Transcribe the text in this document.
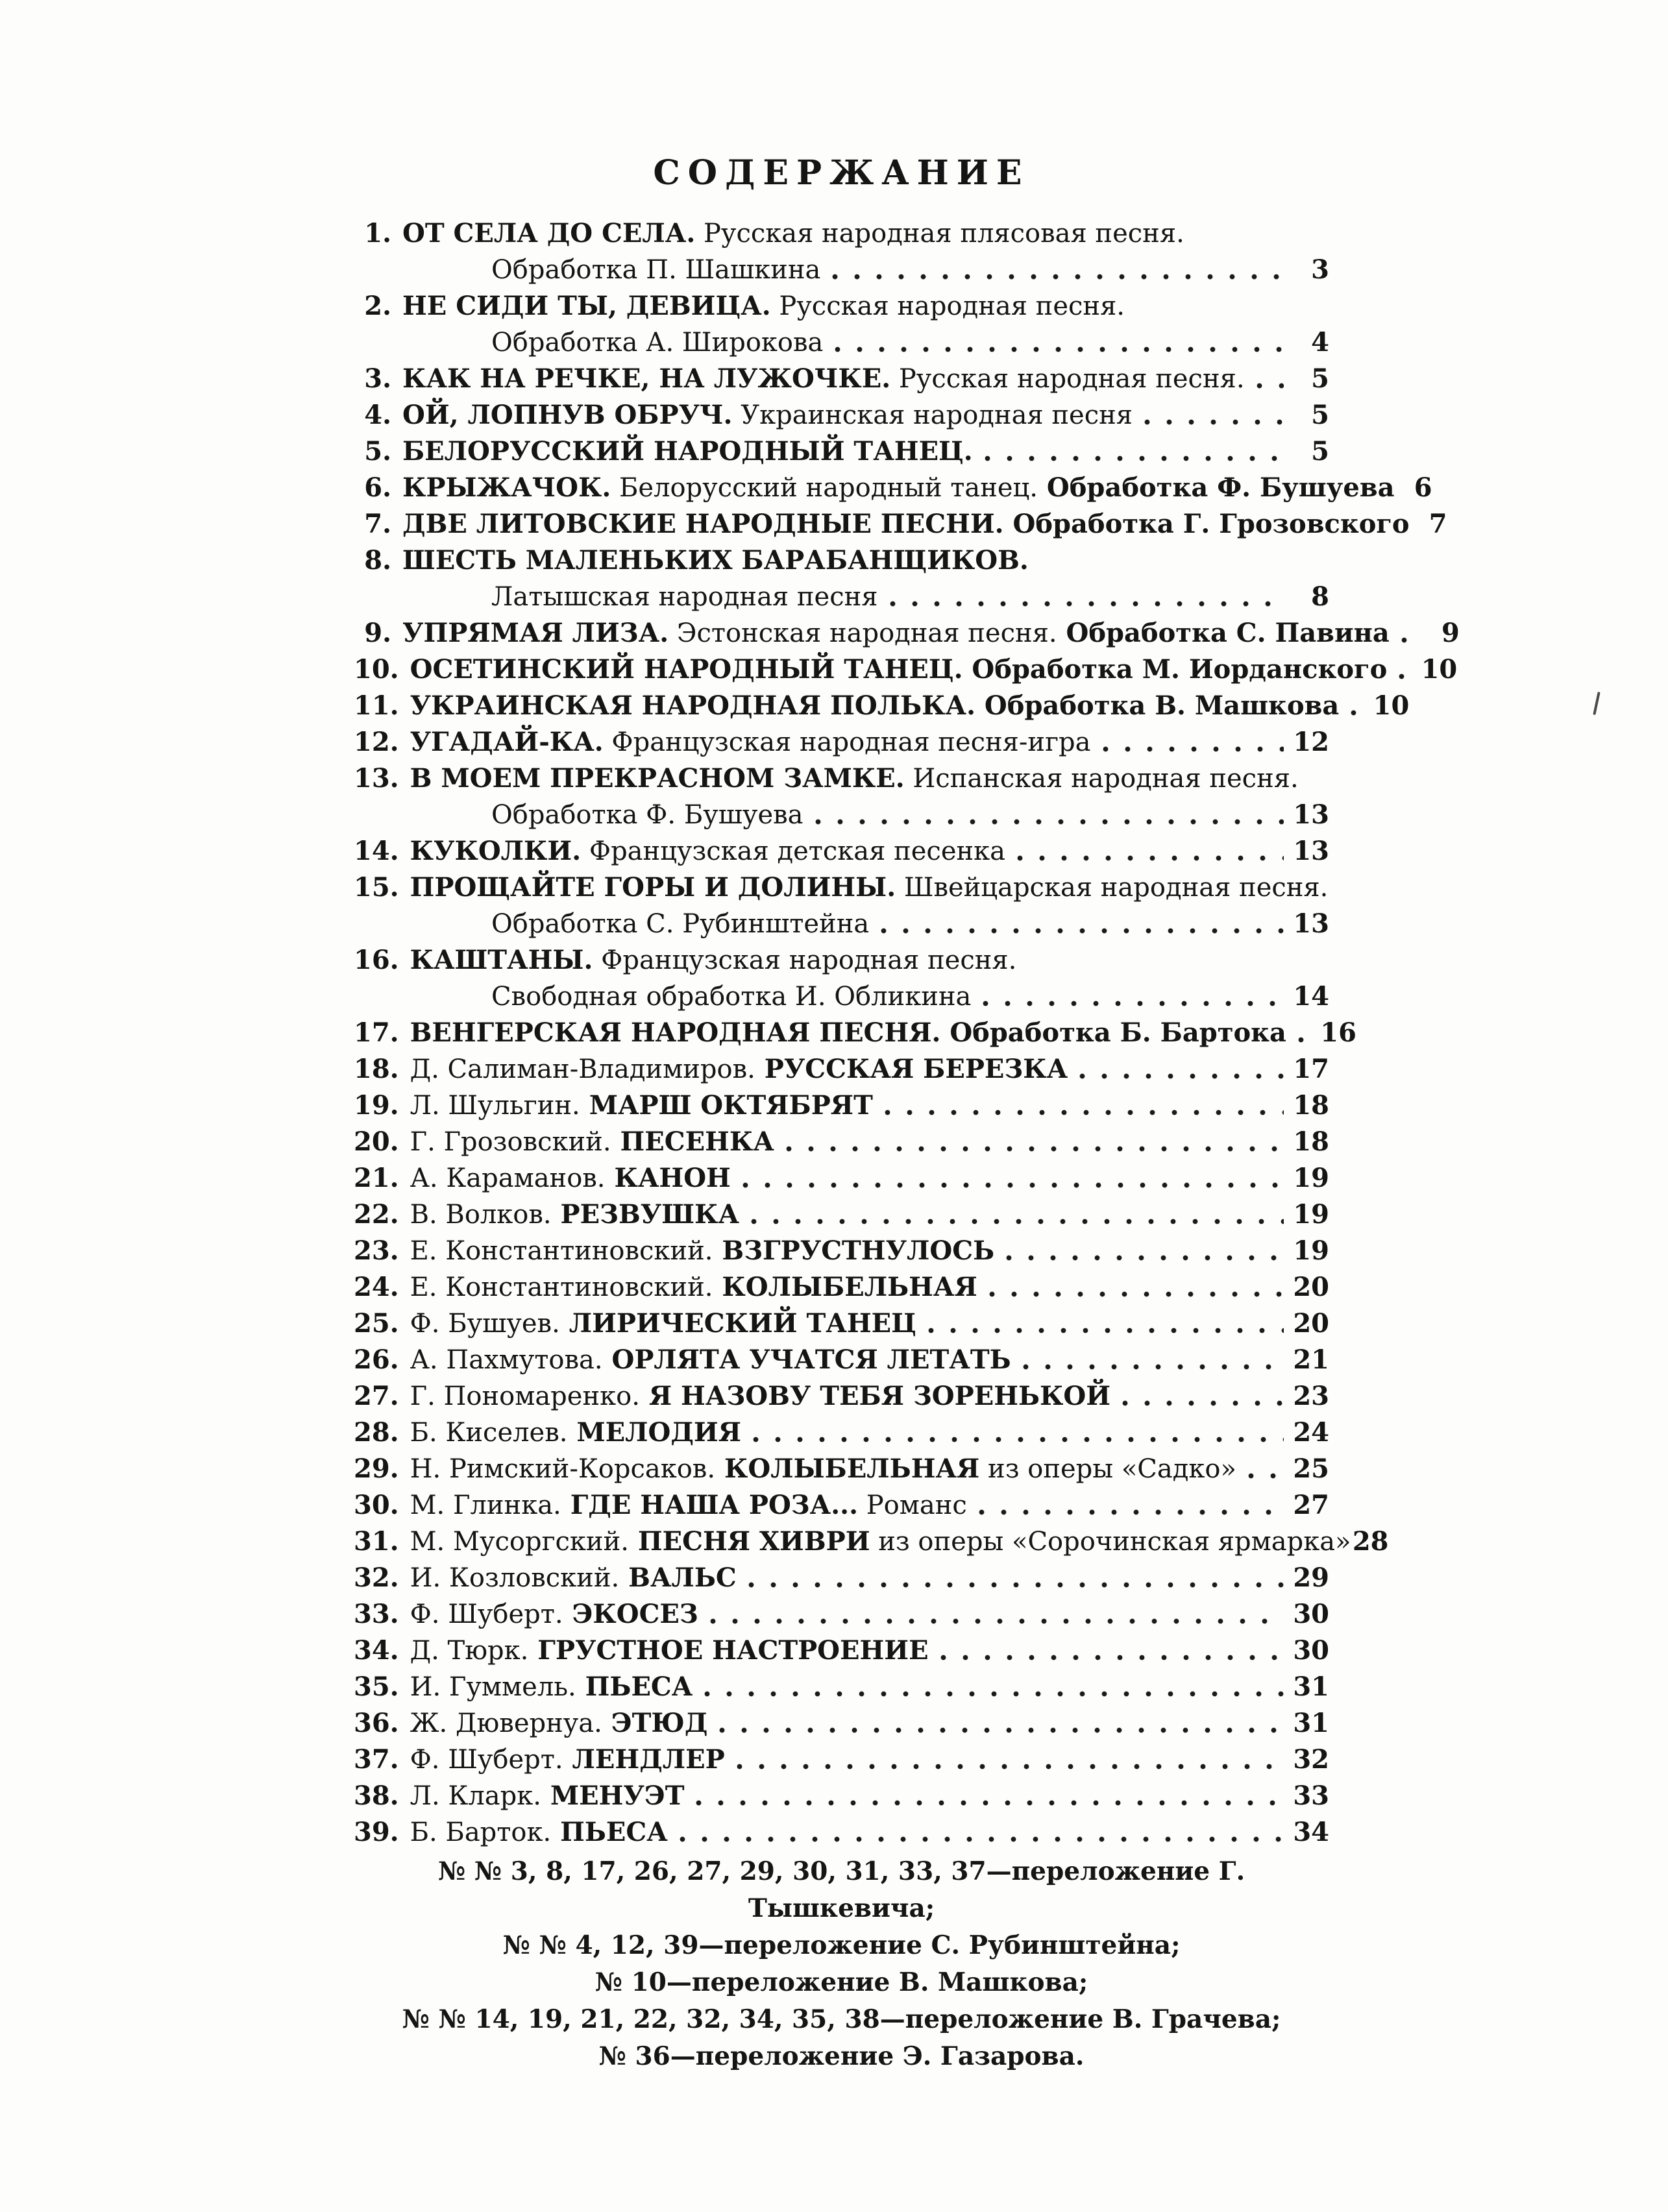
СОДЕРЖАНИЕ
1. ОТ СЕЛА ДО СЕЛА. Русская народная плясовая песня.
Обработка П. Шашкина	3
2. НЕ СИДИ ТЫ, ДЕВИЦА. Русская народная песня.
Обработка А. Широкова	4
3. КАК НА РЕЧКЕ, НА ЛУЖОЧКЕ. Русская народная песня.	5
4. ОЙ, ЛОПНУВ ОБРУЧ. Украинская народная песня	5
5. БЕЛОРУССКИЙ НАРОДНЫЙ ТАНЕЦ.	5
6. КРЫЖАЧОК. Белорусский народный танец. Обработка Ф. Бушуева 6
7. ДВЕ ЛИТОВСКИЕ НАРОДНЫЕ ПЕСНИ. Обработка Г. Грозовского 7
8. ШЕСТЬ МАЛЕНЬКИХ БАРАБАНЩИКОВ.
Латышская народная песня	8
9. УПРЯМАЯ ЛИЗА. Эстонская народная песня. Обработка С. Павина	9
10. ОСЕТИНСКИЙ НАРОДНЫЙ ТАНЕЦ. Обработка М. Иорданского 10
11. УКРАИНСКАЯ НАРОДНАЯ ПОЛЬКА. Обработка В. Машкова 10
12. УГАДАЙ-КА. Французская народная песня-игра	12
13. В МОЕМ ПРЕКРАСНОМ ЗАМКЕ. Испанская народная песня.
Обработка Ф. Бушуева	13
14. КУКОЛКИ. Французская детская песенка	13
15. ПРОЩАЙТЕ ГОРЫ И ДОЛИНЫ. Швейцарская народная песня.
Обработка С. Рубинштейна	13
16. КАШТАНЫ. Французская народная песня.
Свободная обработка И. Обликина	14
17. ВЕНГЕРСКАЯ НАРОДНАЯ ПЕСНЯ. Обработка Б. Бартока 16
18. Д. Салиман-Владимиров. РУССКАЯ БЕРЕЗКА	17
19. Л. Шульгин. МАРШ ОКТЯБРЯТ	18
20. Г. Грозовский. ПЕСЕНКА	18
21. А. Караманов. КАНОН	19
22. В. Волков. РЕЗВУШКА	19
23. Е. Константиновский. ВЗГРУСТНУЛОСЬ	19
24. Е. Константиновский. КОЛЫБЕЛЬНАЯ	20
25. Ф. Бушуев. ЛИРИЧЕСКИЙ ТАНЕЦ	20
26. А. Пахмутова. ОРЛЯТА УЧАТСЯ ЛЕТАТЬ	21
27. Г. Пономаренко. Я НАЗОВУ ТЕБЯ ЗОРЕНЬКОЙ	23
28. Б. Киселев. МЕЛОДИЯ	24
29. Н. Римский-Корсаков. КОЛЫБЕЛЬНАЯ из оперы «Садко» 25
30. М. Глинка. ГДЕ НАША РОЗА... Романс	27
31. М. Мусоргский. ПЕСНЯ ХИВРИ из оперы «Сорочинская ярмарка» 28
32. И. Козловский. ВАЛЬС	29
33. Ф. Шуберт. ЭКОСЕЗ	30
34. Д. Тюрк. ГРУСТНОЕ НАСТРОЕНИЕ	30
35. И. Гуммель. ПЬЕСА	31
36. Ж. Дювернуа. ЭТЮД	31
37. Ф. Шуберт. ЛЕНДЛЕР	32
38. Л. Кларк. МЕНУЭТ	33
39. Б. Барток. ПЬЕСА	34
№ № 3, 8, 17, 26, 27, 29, 30, 31, 33, 37—переложение Г. Тышкевича;
№ № 4, 12, 39—переложение С. Рубинштейна;
№ 10—переложение В. Машкова;
№ № 14, 19, 21, 22, 32, 34, 35, 38—переложение В. Грачева;
№ 36—переложение Э. Газарова.
